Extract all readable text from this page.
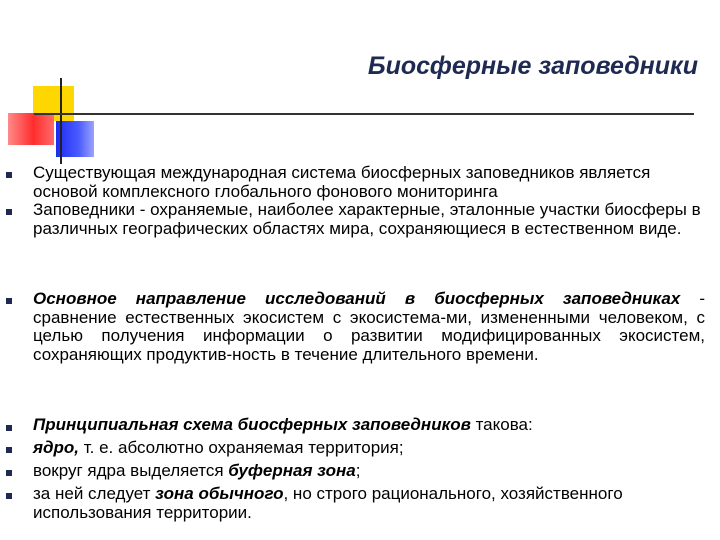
Биосферные заповедники
Существующая международная система биосферных заповедников является основой комплексного глобального фонового мониторинга
Заповедники - охраняемые, наиболее характерные, эталонные участки биосферы в различных географических областях мира, сохраняющиеся в естественном виде.
Основное направление исследований в биосферных заповедниках - сравнение естественных экосистем с экосистема-ми, измененными человеком, с целью получения информации о развитии модифицированных экосистем, сохраняющих продуктив-ность в течение длительного времени.
Принципиальная схема биосферных заповедников такова:
ядро, т. е. абсолютно охраняемая территория;
вокруг ядра выделяется буферная зона;
за ней следует зона обычного, но строго рационального, хозяйственного использования территории.
